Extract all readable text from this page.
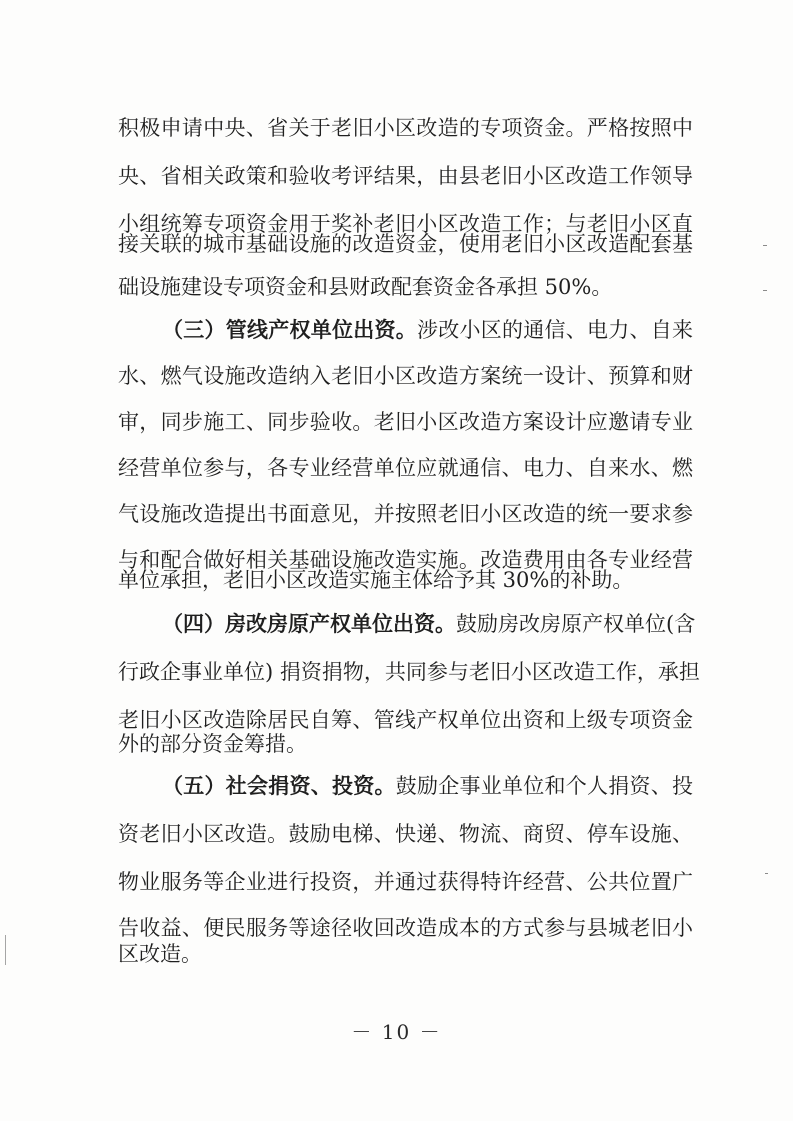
积极申请中央、省关于老旧小区改造的专项资金。严格按照中
央、省相关政策和验收考评结果，由县老旧小区改造工作领导
小组统筹专项资金用于奖补老旧小区改造工作；与老旧小区直
接关联的城市基础设施的改造资金，使用老旧小区改造配套基
础设施建设专项资金和县财政配套资金各承担 50%。
（三）管线产权单位出资。涉改小区的通信、电力、自来
水、燃气设施改造纳入老旧小区改造方案统一设计、预算和财
审，同步施工、同步验收。老旧小区改造方案设计应邀请专业
经营单位参与，各专业经营单位应就通信、电力、自来水、燃
气设施改造提出书面意见，并按照老旧小区改造的统一要求参
与和配合做好相关基础设施改造实施。改造费用由各专业经营
单位承担，老旧小区改造实施主体给予其 30%的补助。
（四）房改房原产权单位出资。鼓励房改房原产权单位(含
行政企事业单位) 捐资捐物，共同参与老旧小区改造工作，承担
老旧小区改造除居民自筹、管线产权单位出资和上级专项资金
外的部分资金筹措。
（五）社会捐资、投资。鼓励企事业单位和个人捐资、投
资老旧小区改造。鼓励电梯、快递、物流、商贸、停车设施、
物业服务等企业进行投资，并通过获得特许经营、公共位置广
告收益、便民服务等途径收回改造成本的方式参与县城老旧小
区改造。
－ 10 －
